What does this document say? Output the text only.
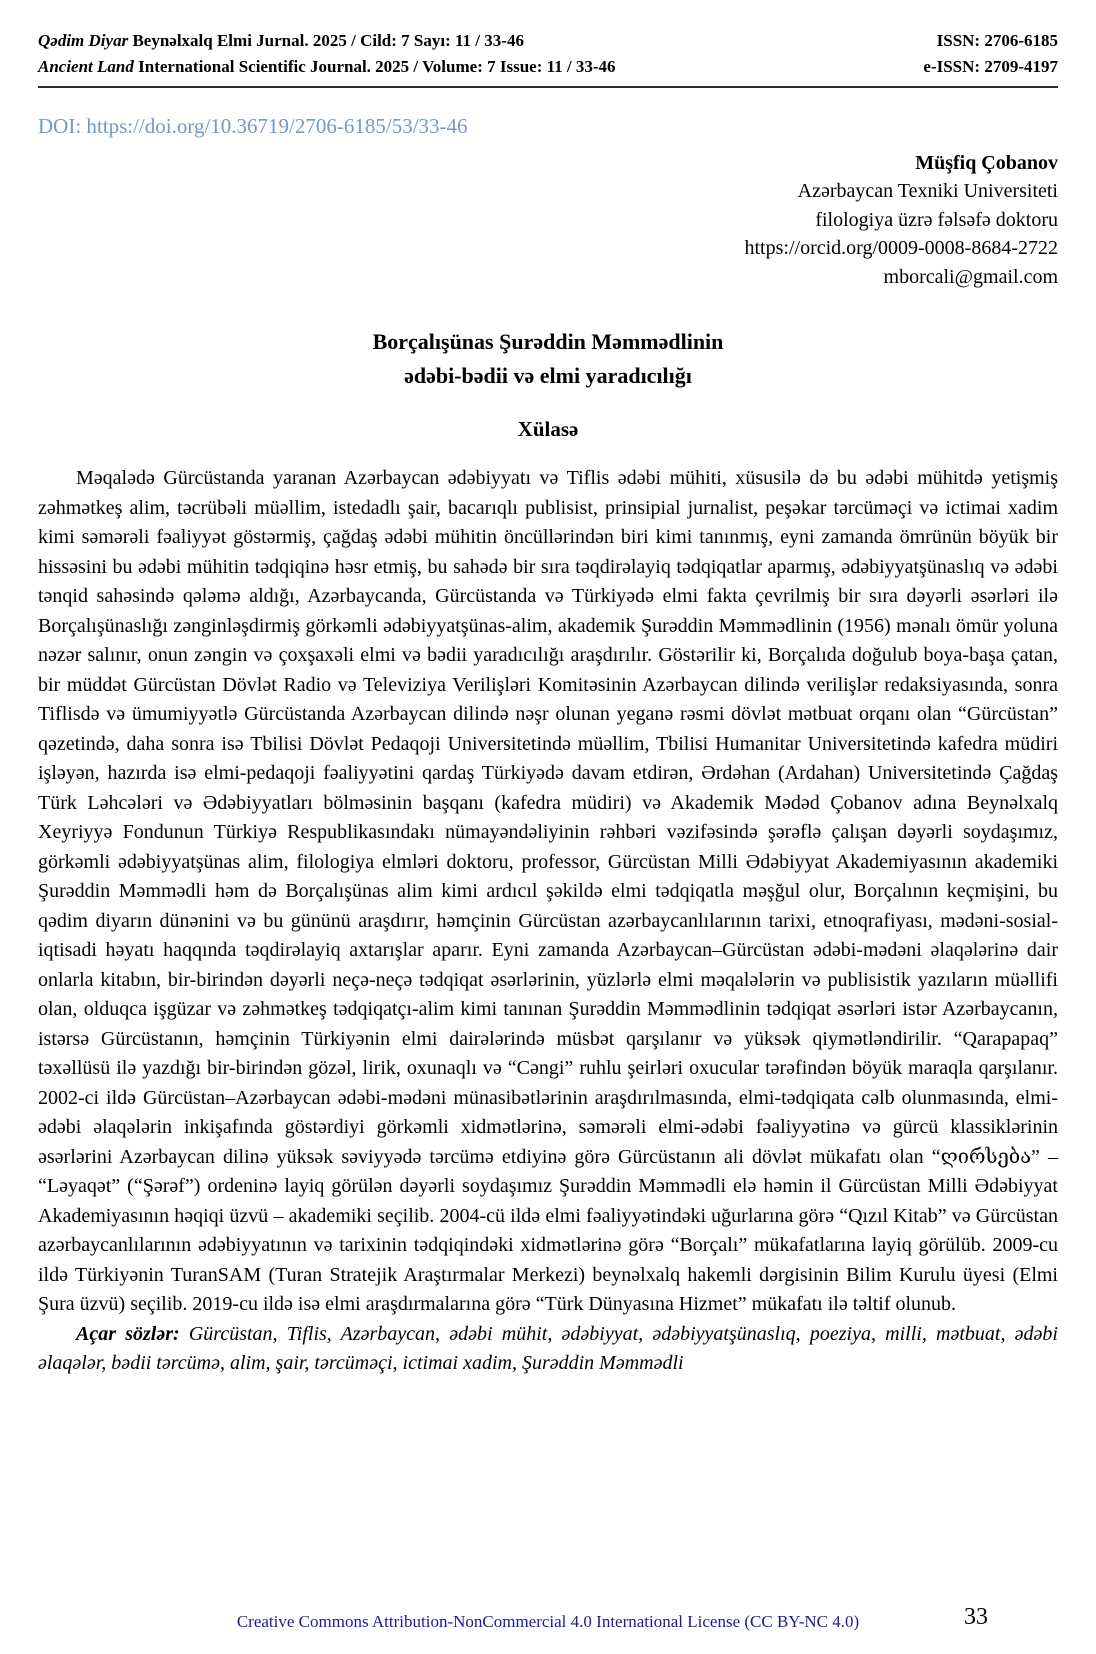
Qədim Diyar Beynəlxalq Elmi Jurnal. 2025 / Cild: 7 Sayı: 11 / 33-46
Ancient Land International Scientific Journal. 2025 / Volume: 7 Issue: 11 / 33-46
ISSN: 2706-6185
e-ISSN: 2709-4197
DOI: https://doi.org/10.36719/2706-6185/53/33-46
Müşfiq Çobanov
Azərbaycan Texniki Universiteti
filologiya üzrə fəlsəfə doktoru
https://orcid.org/0009-0008-8684-2722
mborcali@gmail.com
Borçalışünas Şurəddin Məmmədlinin
ədəbi-bədii və elmi yaradıcılığı
Xülasə

Məqalədə Gürcüstanda yaranan Azərbaycan ədəbiyyatı və Tiflis ədəbi mühiti, xüsusilə də bu ədəbi mühitdə yetişmiş zəhmətkeş alim, təcrübəli müəllim, istedadlı şair, bacarıqlı publisist, prinsipial jurnalist, peşəkar tərcüməçi və ictimai xadim kimi səmərəli fəaliyyət göstərmiş, çağdaş ədəbi mühitin öncüllərindən biri kimi tanınmış, eyni zamanda ömrünün böyük bir hissəsini bu ədəbi mühitin tədqiqinə həsr etmiş, bu sahədə bir sıra təqdirəlayiq tədqiqatlar aparmış, ədəbiyyatşünaslıq və ədəbi tənqid sahəsində qələmə aldığı, Azərbaycanda, Gürcüstanda və Türkiyədə elmi fakta çevrilmiş bir sıra dəyərli əsərləri ilə Borçalışünaslığı zənginləşdirmiş görkəmli ədəbiyyatşünas-alim, akademik Şurəddin Məmmədlinin (1956) mənalı ömür yoluna nəzər salınır, onun zəngin və çoxşaxəli elmi və bədii yaradıcılığı araşdırılır. Göstərilir ki, Borçalıda doğulub boya-başa çatan, bir müddət Gürcüstan Dövlət Radio və Televiziya Verilişləri Komitəsinin Azərbaycan dilində verilişlər redaksiyasında, sonra Tiflisdə və ümumiyyətlə Gürcüstanda Azərbaycan dilində nəşr olunan yeganə rəsmi dövlət mətbuat orqanı olan “Gürcüstan” qəzetində, daha sonra isə Tbilisi Dövlət Pedaqoji Universitetində müəllim, Tbilisi Humanitar Universitetində kafedra müdiri işləyən, hazırda isə elmi-pedaqoji fəaliyyətini qardaş Türkiyədə davam etdirən, Ərdəhan (Ardahan) Universitetində Çağdaş Türk Ləhcələri və Ədəbiyyatları bölməsinin başqanı (kafedra müdiri) və Akademik Mədəd Çobanov adına Beynəlxalq Xeyriyyə Fondunun Türkiyə Respublikasındakı nümayəndəliyinin rəhbəri vəzifəsində şərəflə çalışan dəyərli soydaşımız, görkəmli ədəbiyyatşünas alim, filologiya elmləri doktoru, professor, Gürcüstan Milli Ədəbiyyat Akademiyasının akademiki Şurəddin Məmmədli həm də Borçalışünas alim kimi ardıcıl şəkildə elmi tədqiqatla məşğul olur, Borçalının keçmişini, bu qədim diyarın dünənini və bu gününü araşdırır, həmçinin Gürcüstan azərbaycanlılarının tarixi, etnoqrafiyası, mədəni-sosial-iqtisadi həyatı haqqında təqdirəlayiq axtarışlar aparır. Eyni zamanda Azərbaycan–Gürcüstan ədəbi-mədəni əlaqələrinə dair onlarla kitabın, bir-birindən dəyərli neçə-neçə tədqiqat əsərlərinin, yüzlərlə elmi məqalələrin və publisistik yazıların müəllifi olan, olduqca işgüzar və zəhmətkeş tədqiqatçı-alim kimi tanınan Şurəddin Məmmədlinin tədqiqat əsərləri istər Azərbaycanın, istərsə Gürcüstanın, həmçinin Türkiyənin elmi dairələrində müsbət qarşılanır və yüksək qiymətləndirilir. “Qarapapaq” təxəllüsü ilə yazdığı bir-birindən gözəl, lirik, oxunaqlı və “Cəngi” ruhlu şeirləri oxucular tərəfindən böyük maraqla qarşılanır. 2002-ci ildə Gürcüstan–Azərbaycan ədəbi-mədəni münasibətlərinin araşdırılmasında, elmi-tədqiqata cəlb olunmasında, elmi-ədəbi əlaqələrin inkişafında göstərdiyi görkəmli xidmətlərinə, səmərəli elmi-ədəbi fəaliyyətinə və gürcü klassiklərinin əsərlərini Azərbaycan dilinə yüksək səviyyədə tərcümə etdiyinə görə Gürcüstanın ali dövlət mükafatı olan “ღირსება” – “Ləyaqət” (“Şərəf”) ordeninə layiq görülən dəyərli soydaşımız Şurəddin Məmmədli elə həmin il Gürcüstan Milli Ədəbiyyat Akademiyasının həqiqi üzvü – akademiki seçilib. 2004-cü ildə elmi fəaliyyətindəki uğurlarına görə “Qızıl Kitab” və Gürcüstan azərbaycanlılarının ədəbiyyatının və tarixinin tədqiqindəki xidmətlərinə görə “Borçalı” mükafatlarına layiq görülüb. 2009-cu ildə Türkiyənin TuranSAM (Turan Stratejik Araştırmalar Merkezi) beynəlxalq hakemli dərgisinin Bilim Kurulu üyesi (Elmi Şura üzvü) seçilib. 2019-cu ildə isə elmi araşdırmalarına görə “Türk Dünyasına Hizmet” mükafatı ilə təltif olunub.

Açar sözlər: Gürcüstan, Tiflis, Azərbaycan, ədəbi mühit, ədəbiyyat, ədəbiyyatşünaslıq, poeziya, milli, mətbuat, ədəbi əlaqələr, bədii tərcümə, alim, şair, tərcüməçi, ictimai xadim, Şurəddin Məmmədli

Creative Commons Attribution-NonCommercial 4.0 International License (CC BY-NC 4.0)	33
